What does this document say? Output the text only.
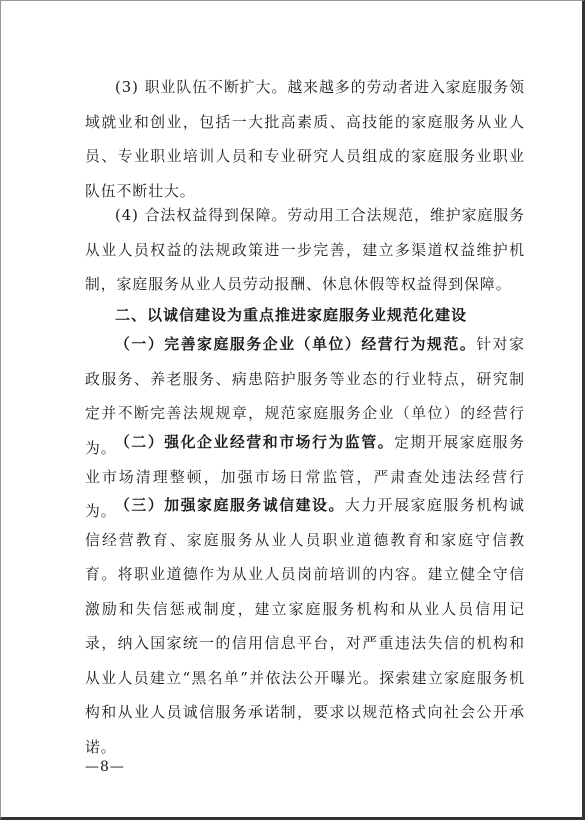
(3) 职业队伍不断扩大。越来越多的劳动者进入家庭服务领域就业和创业，包括一大批高素质、高技能的家庭服务从业人员、专业职业培训人员和专业研究人员组成的家庭服务业职业队伍不断壮大。

(4) 合法权益得到保障。劳动用工合法规范，维护家庭服务从业人员权益的法规政策进一步完善，建立多渠道权益维护机制，家庭服务从业人员劳动报酬、休息休假等权益得到保障。

二、以诚信建设为重点推进家庭服务业规范化建设

（一）完善家庭服务企业（单位）经营行为规范。针对家政服务、养老服务、病患陪护服务等业态的行业特点，研究制定并不断完善法规规章，规范家庭服务企业（单位）的经营行为。

（二）强化企业经营和市场行为监管。定期开展家庭服务业市场清理整顿，加强市场日常监管，严肃查处违法经营行为。

（三）加强家庭服务诚信建设。大力开展家庭服务机构诚信经营教育、家庭服务从业人员职业道德教育和家庭守信教育。将职业道德作为从业人员岗前培训的内容。建立健全守信激励和失信惩戒制度，建立家庭服务机构和从业人员信用记录，纳入国家统一的信用信息平台，对严重违法失信的机构和从业人员建立“黑名单”并依法公开曝光。探索建立家庭服务机构和从业人员诚信服务承诺制，要求以规范格式向社会公开承诺。

—8—
